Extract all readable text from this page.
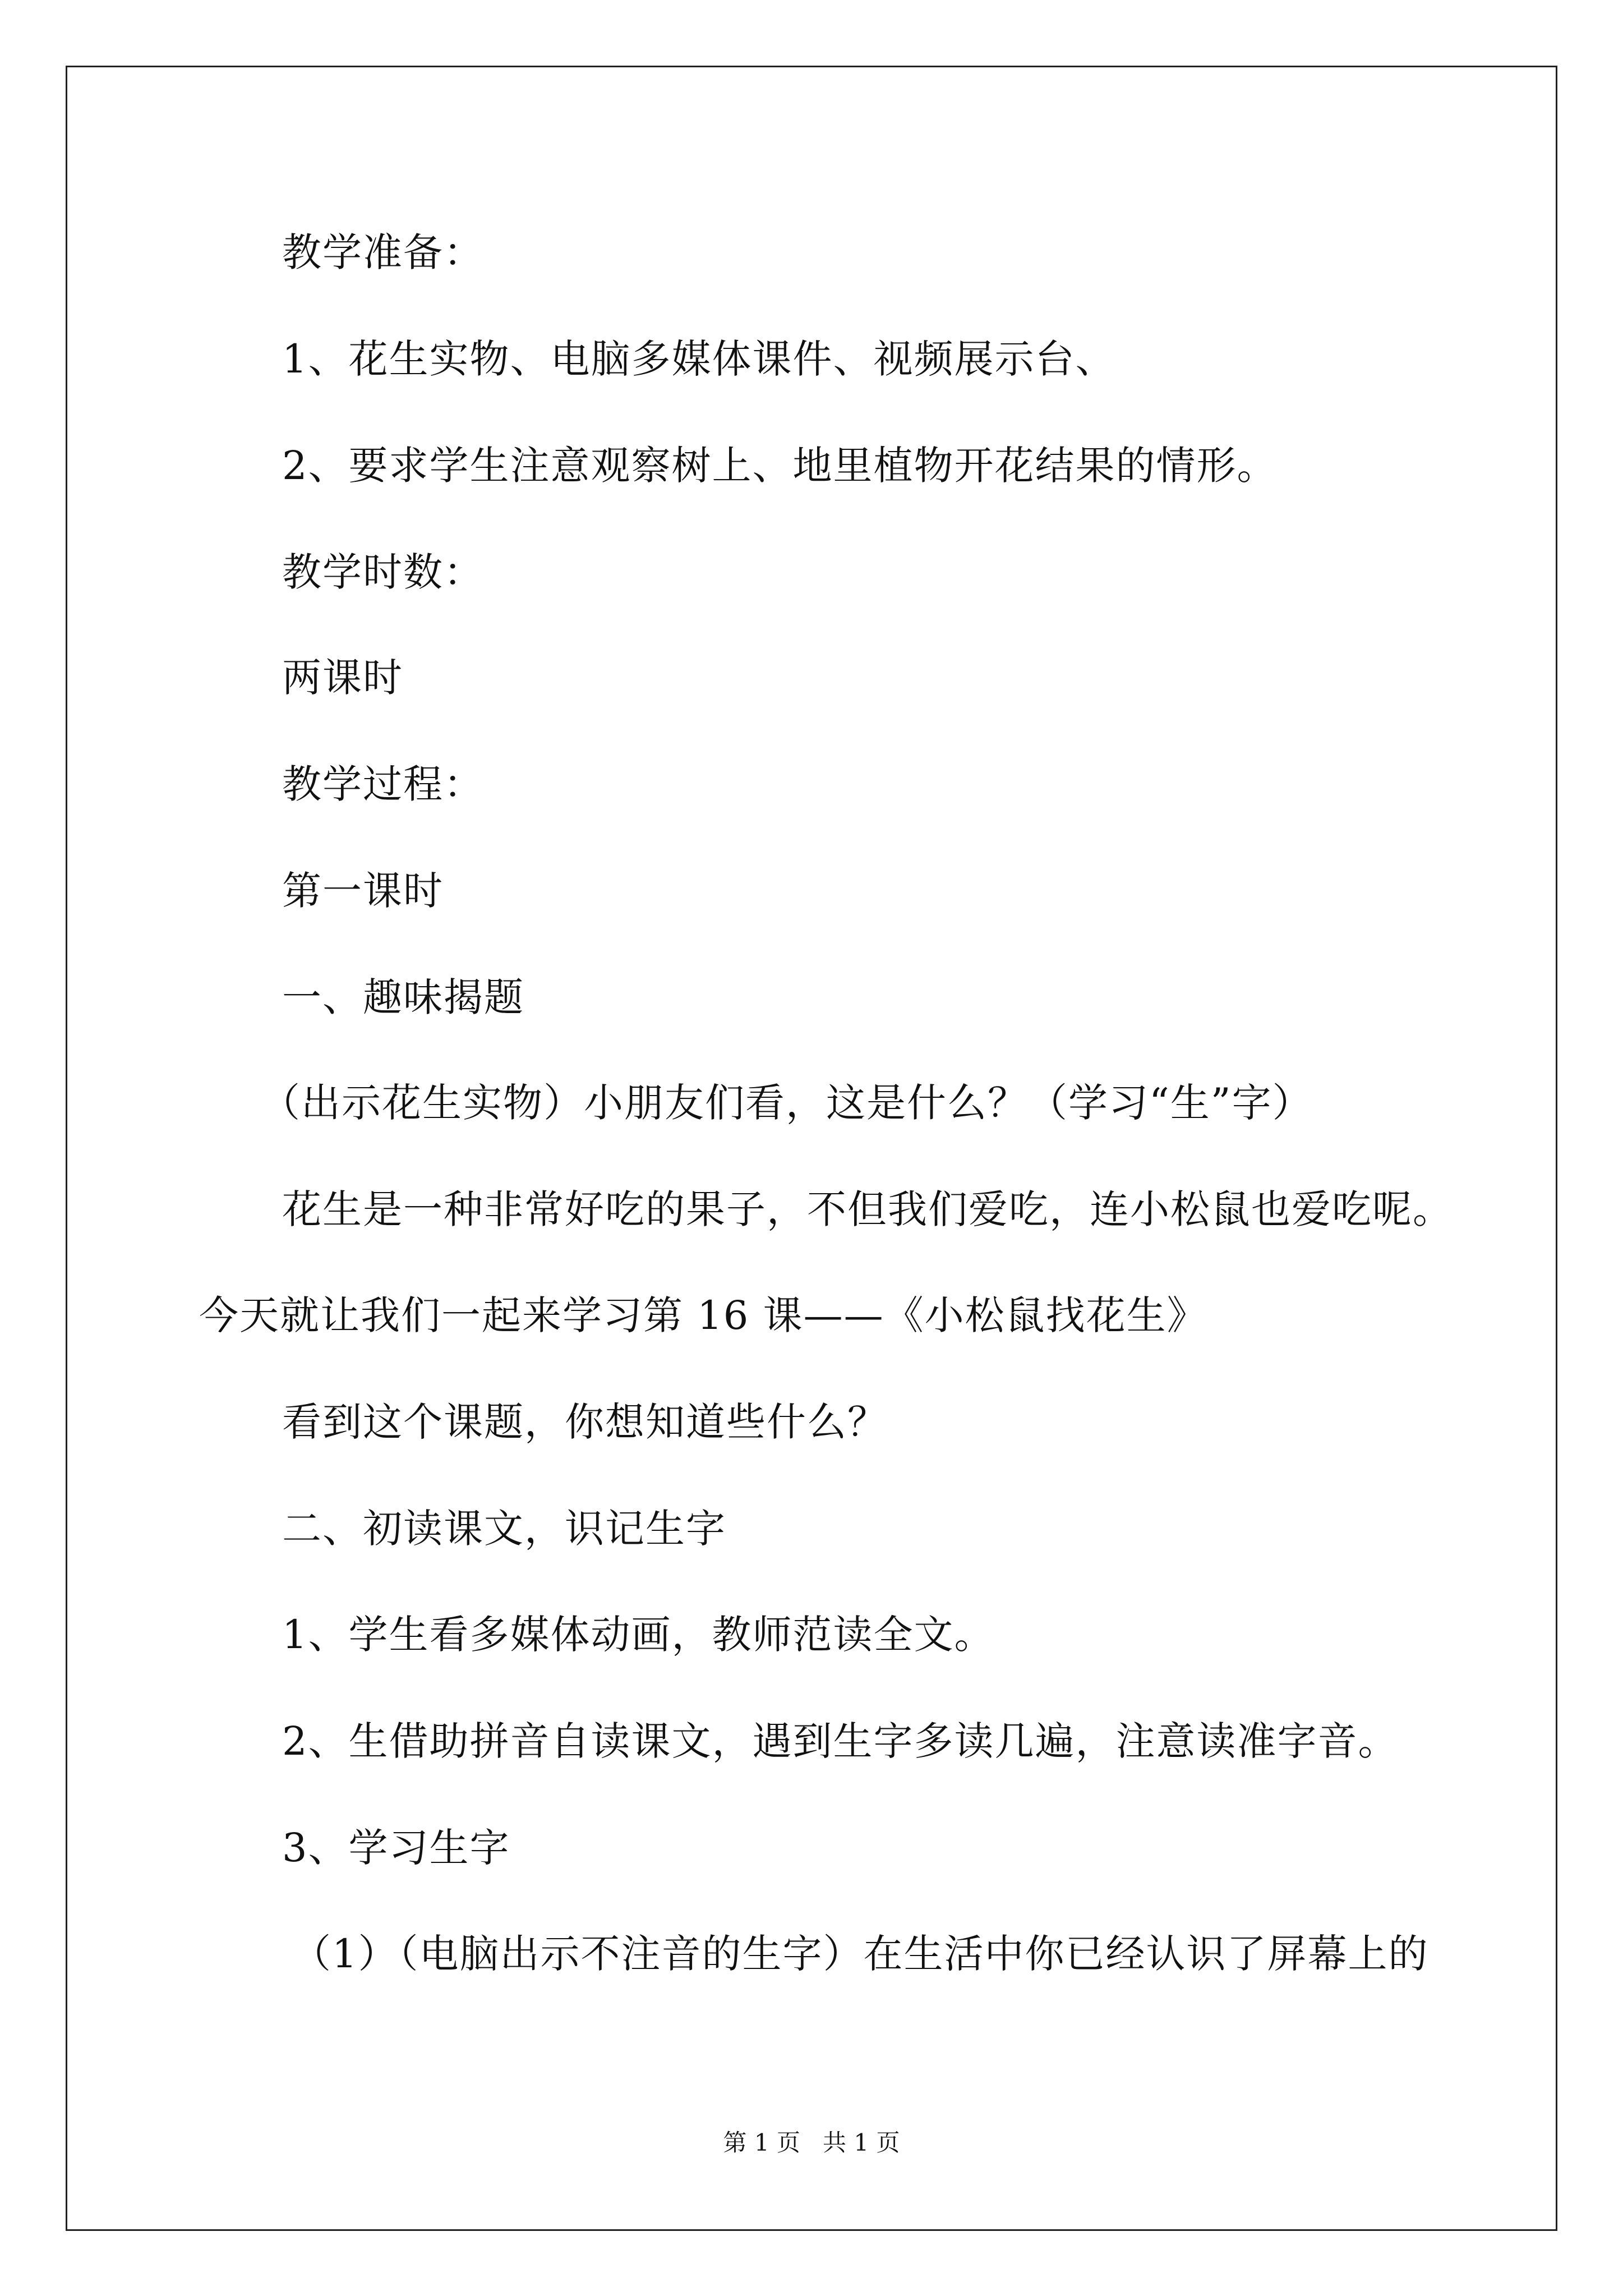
教学准备：
1、花生实物、电脑多媒体课件、视频展示台、
2、要求学生注意观察树上、地里植物开花结果的情形。
教学时数：
两课时
教学过程：
第一课时
一、趣味揭题
（出示花生实物）小朋友们看，这是什么？（学习“生”字）
花生是一种非常好吃的果子，不但我们爱吃，连小松鼠也爱吃呢。
今天就让我们一起来学习第 16 课——《小松鼠找花生》
看到这个课题，你想知道些什么？
二、初读课文，识记生字
1、学生看多媒体动画，教师范读全文。
2、生借助拼音自读课文，遇到生字多读几遍，注意读准字音。
3、学习生字
（1）（电脑出示不注音的生字）在生活中你已经认识了屏幕上的
第 1 页   共 1 页
